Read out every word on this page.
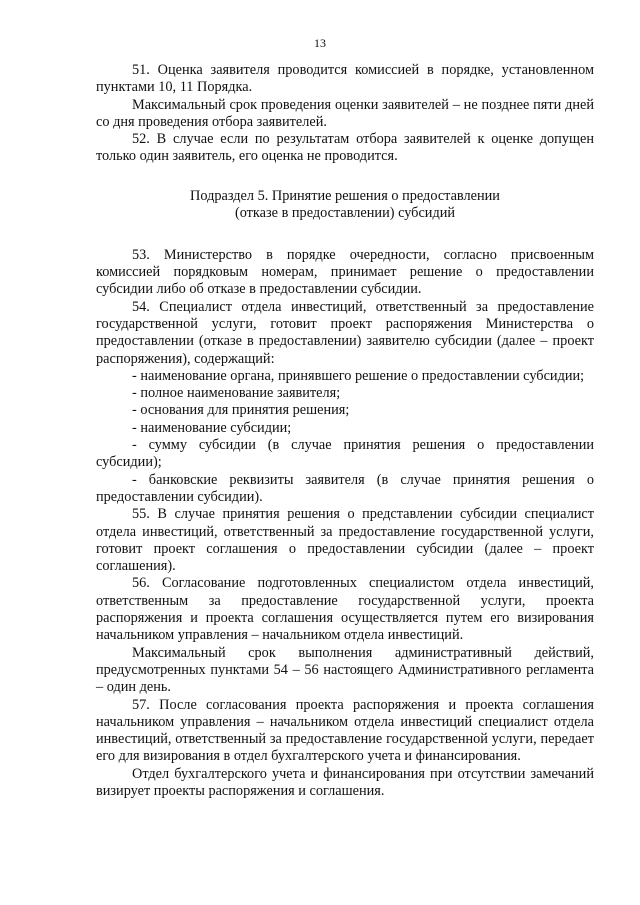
13

51. Оценка заявителя проводится комиссией в порядке, установленном пунктами 10, 11 Порядка.

Максимальный срок проведения оценки заявителей – не позднее пяти дней со дня проведения отбора заявителей.

52. В случае если по результатам отбора заявителей к оценке допущен только один заявитель, его оценка не проводится.

Подраздел 5. Принятие решения о предоставлении
(отказе в предоставлении) субсидий

53. Министерство в порядке очередности, согласно присвоенным комиссией порядковым номерам, принимает решение о предоставлении субсидии либо об отказе в предоставлении субсидии.

54. Специалист отдела инвестиций, ответственный за предоставление государственной услуги, готовит проект распоряжения Министерства о предоставлении (отказе в предоставлении) заявителю субсидии (далее – проект распоряжения), содержащий:

- наименование органа, принявшего решение о предоставлении субсидии;

- полное наименование заявителя;

- основания для принятия решения;

- наименование субсидии;

- сумму субсидии (в случае принятия решения о предоставлении субсидии);

- банковские реквизиты заявителя (в случае принятия решения о предоставлении субсидии).

55. В случае принятия решения о представлении субсидии специалист отдела инвестиций, ответственный за предоставление государственной услуги, готовит проект соглашения о предоставлении субсидии (далее – проект соглашения).

56. Согласование подготовленных специалистом отдела инвестиций, ответственным за предоставление государственной услуги, проекта распоряжения и проекта соглашения осуществляется путем его визирования начальником управления – начальником отдела инвестиций.

Максимальный срок выполнения административный действий, предусмотренных пунктами 54 – 56 настоящего Административного регламента – один день.

57. После согласования проекта распоряжения и проекта соглашения начальником управления – начальником отдела инвестиций специалист отдела инвестиций, ответственный за предоставление государственной услуги, передает его для визирования в отдел бухгалтерского учета и финансирования.

Отдел бухгалтерского учета и финансирования при отсутствии замечаний визирует проекты распоряжения и соглашения.
